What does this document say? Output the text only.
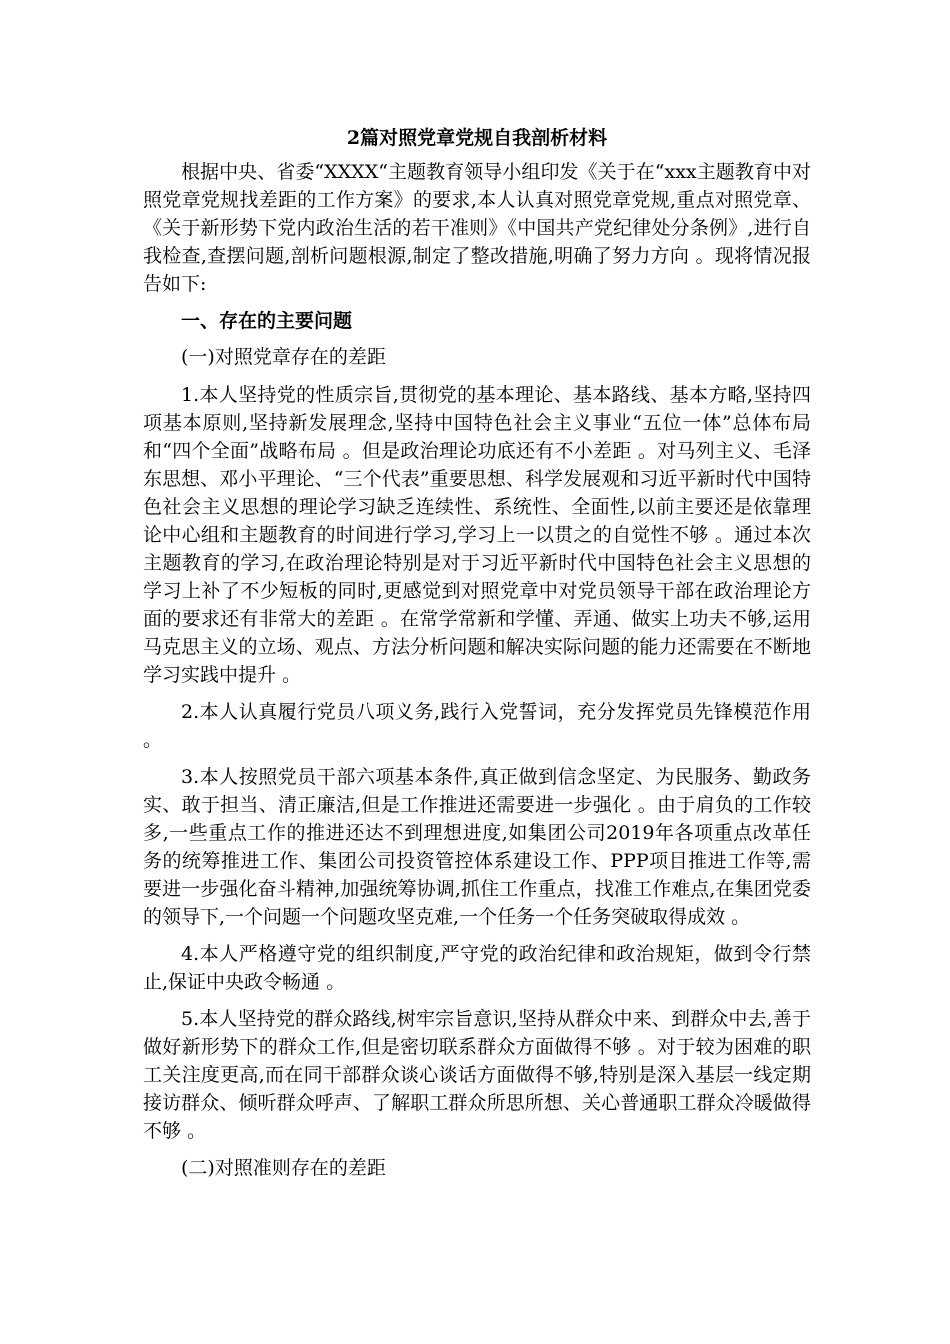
2篇对照党章党规自我剖析材料

根据中央、省委“XXXX“主题教育领导小组印发《关于在“xxx主题教育中对照党章党规找差距的工作方案》的要求,本人认真对照党章党规,重点对照党章、《关于新形势下党内政治生活的若干准则》《中国共产党纪律处分条例》,进行自我检查,查摆问题,剖析问题根源,制定了整改措施,明确了努力方向 。现将情况报告如下:

一、存在的主要问题
(一)对照党章存在的差距

1.本人坚持党的性质宗旨,贯彻党的基本理论、基本路线、基本方略,坚持四项基本原则,坚持新发展理念,坚持中国特色社会主义事业“五位一体”总体布局和“四个全面”战略布局 。但是政治理论功底还有不小差距 。对马列主义、毛泽东思想、邓小平理论、“三个代表”重要思想、科学发展观和习近平新时代中国特色社会主义思想的理论学习缺乏连续性、系统性、全面性,以前主要还是依靠理论中心组和主题教育的时间进行学习,学习上一以贯之的自觉性不够 。通过本次主题教育的学习,在政治理论特别是对于习近平新时代中国特色社会主义思想的学习上补了不少短板的同时,更感觉到对照党章中对党员领导干部在政治理论方面的要求还有非常大的差距 。在常学常新和学懂、弄通、做实上功夫不够,运用马克思主义的立场、观点、方法分析问题和解决实际问题的能力还需要在不断地学习实践中提升 。

2.本人认真履行党员八项义务,践行入党誓词，充分发挥党员先锋模范作用 。

3.本人按照党员干部六项基本条件,真正做到信念坚定、为民服务、勤政务实、敢于担当、清正廉洁,但是工作推进还需要进一步强化 。由于肩负的工作较多,一些重点工作的推进还达不到理想进度,如集团公司2019年各项重点改革任务的统筹推进工作、集团公司投资管控体系建设工作、PPP项目推进工作等,需要进一步强化奋斗精神,加强统筹协调,抓住工作重点，找准工作难点,在集团党委的领导下,一个问题一个问题攻坚克难,一个任务一个任务突破取得成效 。

4.本人严格遵守党的组织制度,严守党的政治纪律和政治规矩，做到令行禁止,保证中央政令畅通 。

5.本人坚持党的群众路线,树牢宗旨意识,坚持从群众中来、到群众中去,善于做好新形势下的群众工作,但是密切联系群众方面做得不够 。对于较为困难的职工关注度更高,而在同干部群众谈心谈话方面做得不够,特别是深入基层一线定期接访群众、倾听群众呼声、了解职工群众所思所想、关心普通职工群众冷暖做得不够 。

(二)对照准则存在的差距
